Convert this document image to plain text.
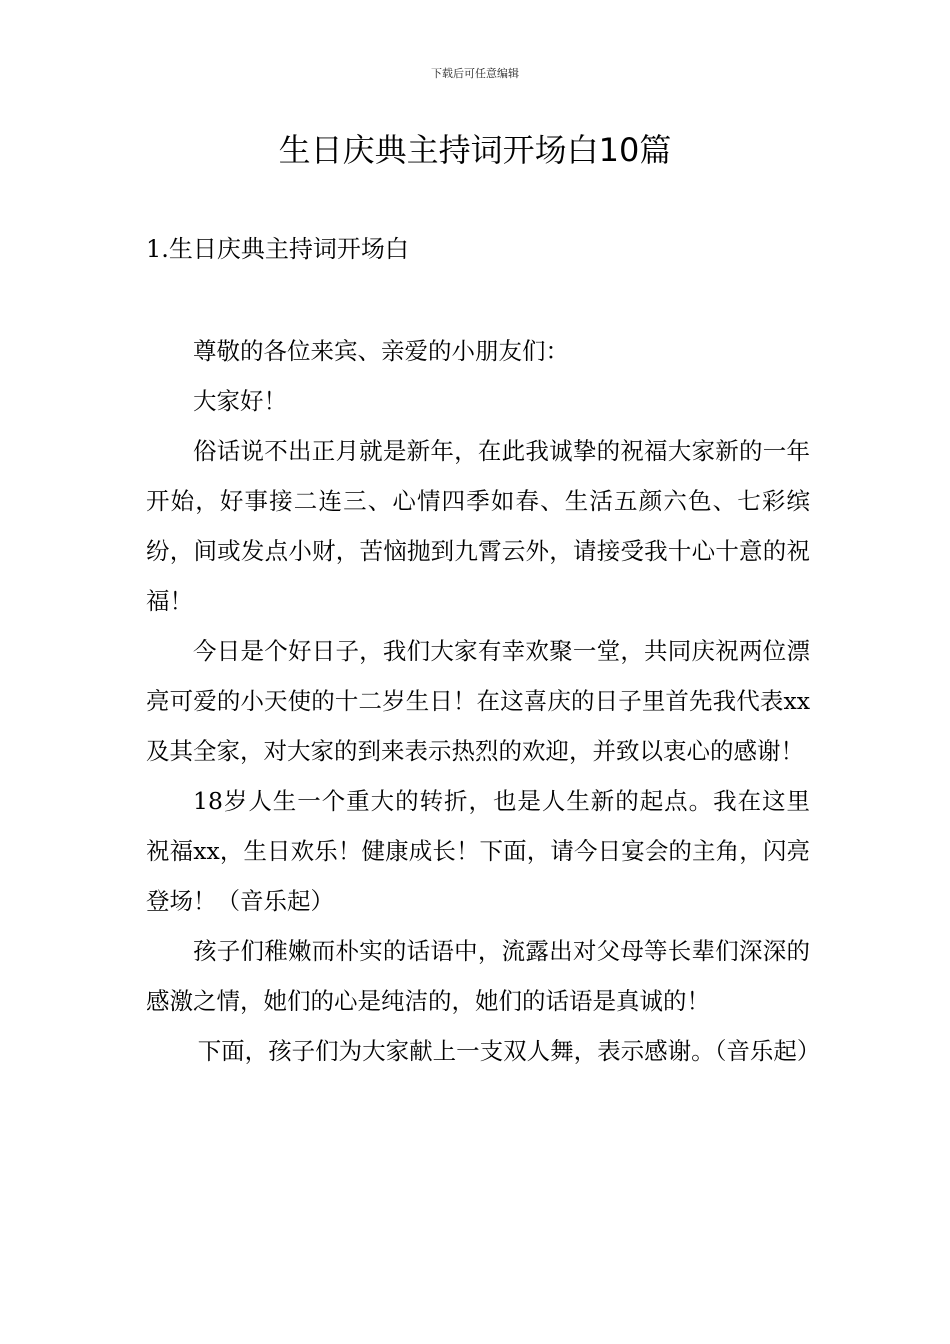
下载后可任意编辑
生日庆典主持词开场白10篇
1.生日庆典主持词开场白

尊敬的各位来宾、亲爱的小朋友们：

大家好！

俗话说不出正月就是新年，在此我诚挚的祝福大家新的一年开始，好事接二连三、心情四季如春、生活五颜六色、七彩缤纷，间或发点小财，苦恼抛到九霄云外，请接受我十心十意的祝福！

今日是个好日子，我们大家有幸欢聚一堂，共同庆祝两位漂亮可爱的小天使的十二岁生日！在这喜庆的日子里首先我代表xx及其全家，对大家的到来表示热烈的欢迎，并致以衷心的感谢！

18岁人生一个重大的转折，也是人生新的起点。我在这里祝福xx，生日欢乐！健康成长！下面，请今日宴会的主角，闪亮登场！（音乐起）

孩子们稚嫩而朴实的话语中，流露出对父母等长辈们深深的感激之情，她们的心是纯洁的，她们的话语是真诚的！

下面，孩子们为大家献上一支双人舞，表示感谢。（音乐起）
